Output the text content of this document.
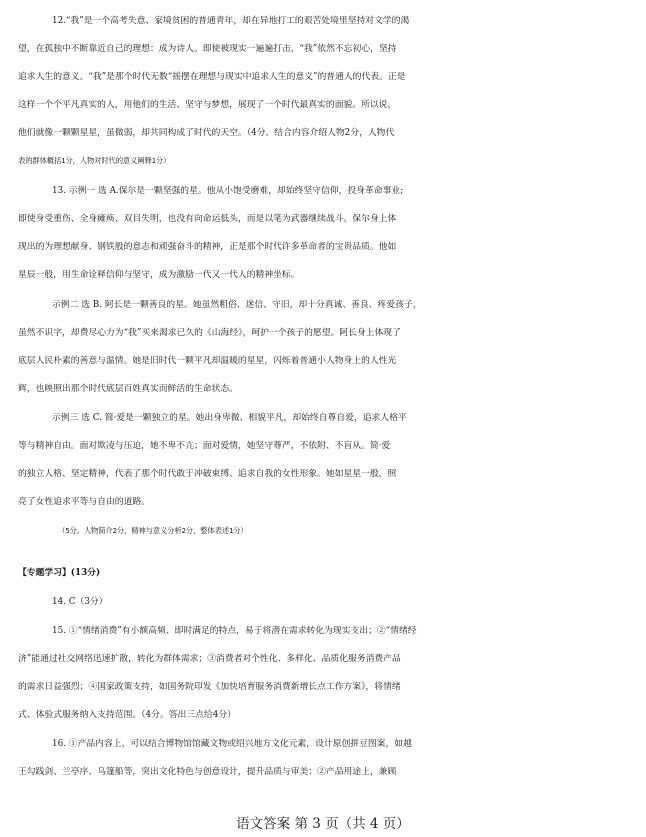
12.“我”是一个高考失意、家境贫困的普通青年，却在异地打工的艰苦处境里坚持对文学的渴
望，在孤独中不断靠近自己的理想：成为诗人。即使被现实一遍遍打击，“我”依然不忘初心，坚持
追求人生的意义。“我”是那个时代无数“摇摆在理想与现实中追求人生的意义”的普通人的代表。正是
这样一个个平凡真实的人，用他们的生活、坚守与梦想，展现了一个时代最真实的面貌。所以说，
他们就像一颗颗星星，虽微弱，却共同构成了时代的天空。（4分。结合内容介绍人物2分，人物代
表的群体概括1分，人物对时代的意义阐释1分）
13. 示例一 选 A.保尔是一颗坚强的星。他从小饱受磨难，却始终坚守信仰，投身革命事业;
即使身受重伤、全身瘫痪、双目失明，也没有向命运低头，而是以笔为武器继续战斗。保尔身上体
现出的为理想献身、钢铁般的意志和顽强奋斗的精神，正是那个时代许多革命者的宝贵品质。他如
星辰一般，用生命诠释信仰与坚守，成为激励一代又一代人的精神坐标。
示例二 选 B. 阿长是一颗善良的星。她虽然粗俗、迷信、守旧，却十分真诚、善良、疼爱孩子，
虽然不识字，却费尽心力为“我”买来渴求已久的《山海经》，呵护一个孩子的愿望。阿长身上体现了
底层人民朴素的善意与温情。她是旧时代一颗平凡却温暖的星星，闪烁着普通小人物身上的人性光
辉，也映照出那个时代底层百姓真实而鲜活的生命状态。
示例三 选 C. 简·爱是一颗独立的星。她出身卑微、相貌平凡，却始终自尊自爱，追求人格平
等与精神自由。面对欺凌与压迫，她不卑不亢；面对爱情，她坚守尊严，不依附、不盲从。简·爱
的独立人格、坚定精神，代表了那个时代敢于冲破束缚、追求自我的女性形象。她如星星一般，照
亮了女性追求平等与自由的道路。
（5分。人物简介2分，精神与意义分析2分，整体表述1分）
【专题学习】(13分)
14. C（3分）
15. ①“情绪消费”有小额高频、即时满足的特点，易于将潜在需求转化为现实支出；②“情绪经
济”能通过社交网络迅速扩散，转化为群体需求；③消费者对个性化、多样化、品质化服务消费产品
的需求日益强烈；④国家政策支持，如国务院印发《加快培育服务消费新增长点工作方案》，将情绪
式、体验式服务纳入支持范围。（4分。答出三点给4分）
16. ①产品内容上，可以结合博物馆馆藏文物或绍兴地方文化元素，设计原创拼豆图案，如越
王勾践剑、兰亭序、乌篷船等，突出文化特色与创意设计，提升品质与审美；②产品用途上，兼顾
语文答案 第 3 页（共 4 页）
